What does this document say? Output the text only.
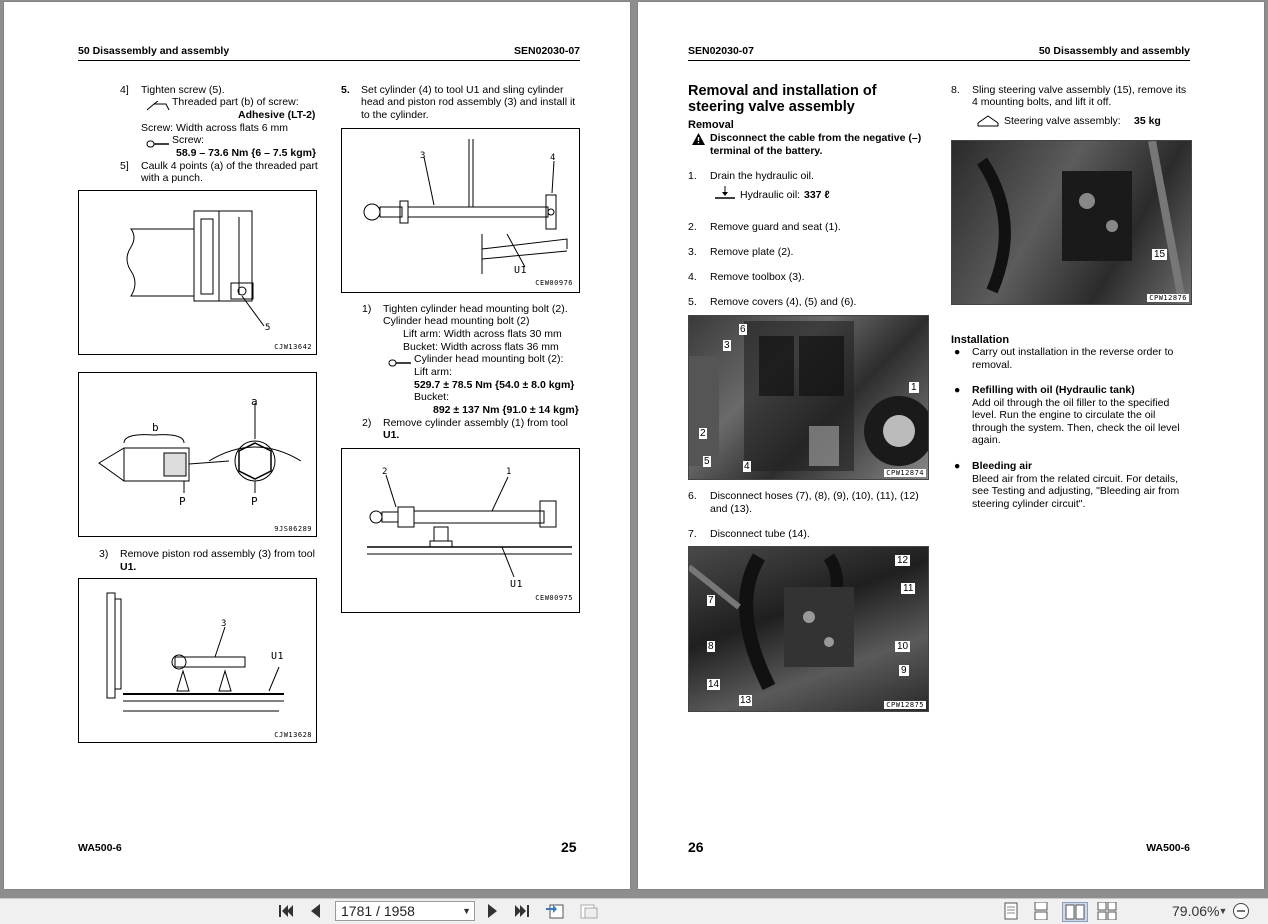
50 Disassembly and assembly	SEN02030-07
4] Tighten screw (5).
Threaded part (b) of screw:
Adhesive (LT-2)
Screw: Width across flats 6 mm
Screw:
58.9 – 73.6 Nm {6 – 7.5 kgm}
5] Caulk 4 points (a) of the threaded part
with a punch.
5
CJW13642
a
b
P	P
9JS06289
3) Remove piston rod assembly (3) from tool
U1.
3
U1
CJW13628
5. Set cylinder (4) to tool U1 and sling cylinder
head and piston rod assembly (3) and install it
to the cylinder.
3	4
U1
CEW00976
1) Tighten cylinder head mounting bolt (2).
Cylinder head mounting bolt (2)
Lift arm: Width across flats 30 mm
Bucket: Width across flats 36 mm
Cylinder head mounting bolt (2):
Lift arm:
529.7 ± 78.5 Nm {54.0 ± 8.0 kgm}
Bucket:
892 ± 137 Nm {91.0 ± 14 kgm}
2) Remove cylinder assembly (1) from tool
U1.
2	1
U1
CEW00975
WA500-6	25
SEN02030-07	50 Disassembly and assembly
Removal and installation of
steering valve assembly
Removal
Disconnect the cable from the negative (–)
terminal of the battery.
1. Drain the hydraulic oil.
Hydraulic oil: 337 ℓ
2. Remove guard and seat (1).
3. Remove plate (2).
4. Remove toolbox (3).
5. Remove covers (4), (5) and (6).
6
3
1
2
5	4
CPW12874
6. Disconnect hoses (7), (8), (9), (10), (11), (12)
and (13).
7. Disconnect tube (14).
12
11
7
8	10
9
14
13	CPW12875
8. Sling steering valve assembly (15), remove its
4 mounting bolts, and lift it off.
Steering valve assembly: 35 kg
15
CPW12876
Installation
● Carry out installation in the reverse order to
removal.
● Refilling with oil (Hydraulic tank)
Add oil through the oil filler to the specified
level. Run the engine to circulate the oil
through the system. Then, check the oil level
again.
● Bleeding air
Bleed air from the related circuit. For details,
see Testing and adjusting, "Bleeding air from
steering cylinder circuit".
26	WA500-6
1781 / 1958	▼	79.06% ▼
